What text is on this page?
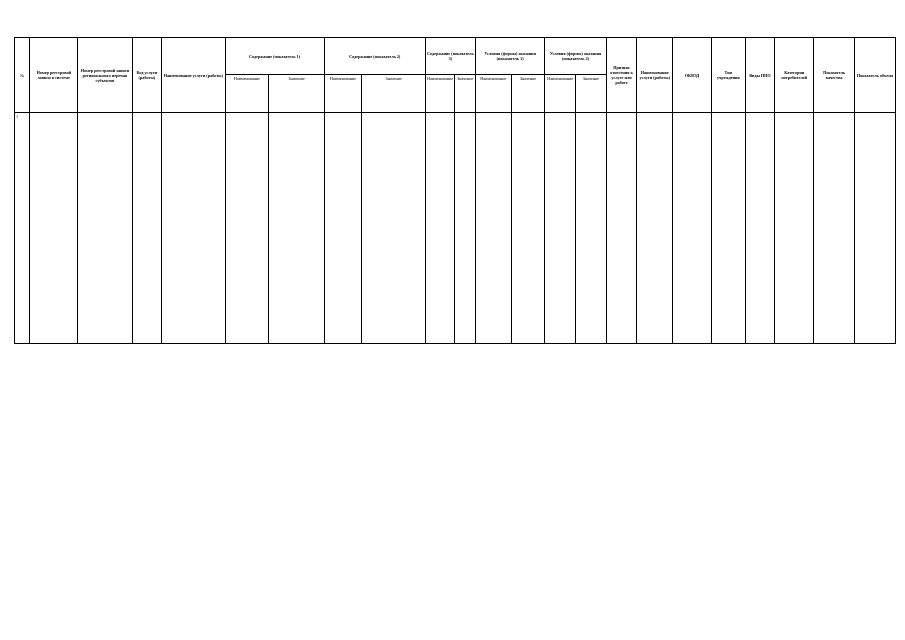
№	Номер реестровой записи в системе	Номер реестровой записи регионального перечня субъектов	Код услуги (работы)	Наименование услуги (работы)	Содержание (показатель 1)		Содержание (показатель 2)		Содержание (показатель 3)		Условия (формы) оказания (показатель 1)		Условия (формы) оказания (показатель 2)		Признак отнесения к услуге или работе	Наименование услуги (работы)	ОКВЭД	Тип учреждения	Виды ППО	Категории потребителей	Показатель качества	Показатель объема
					Наименование	Значение	Наименование	Значение	Наименование	Значение	Наименование	Значение	Наименование	Значение								
1																						
